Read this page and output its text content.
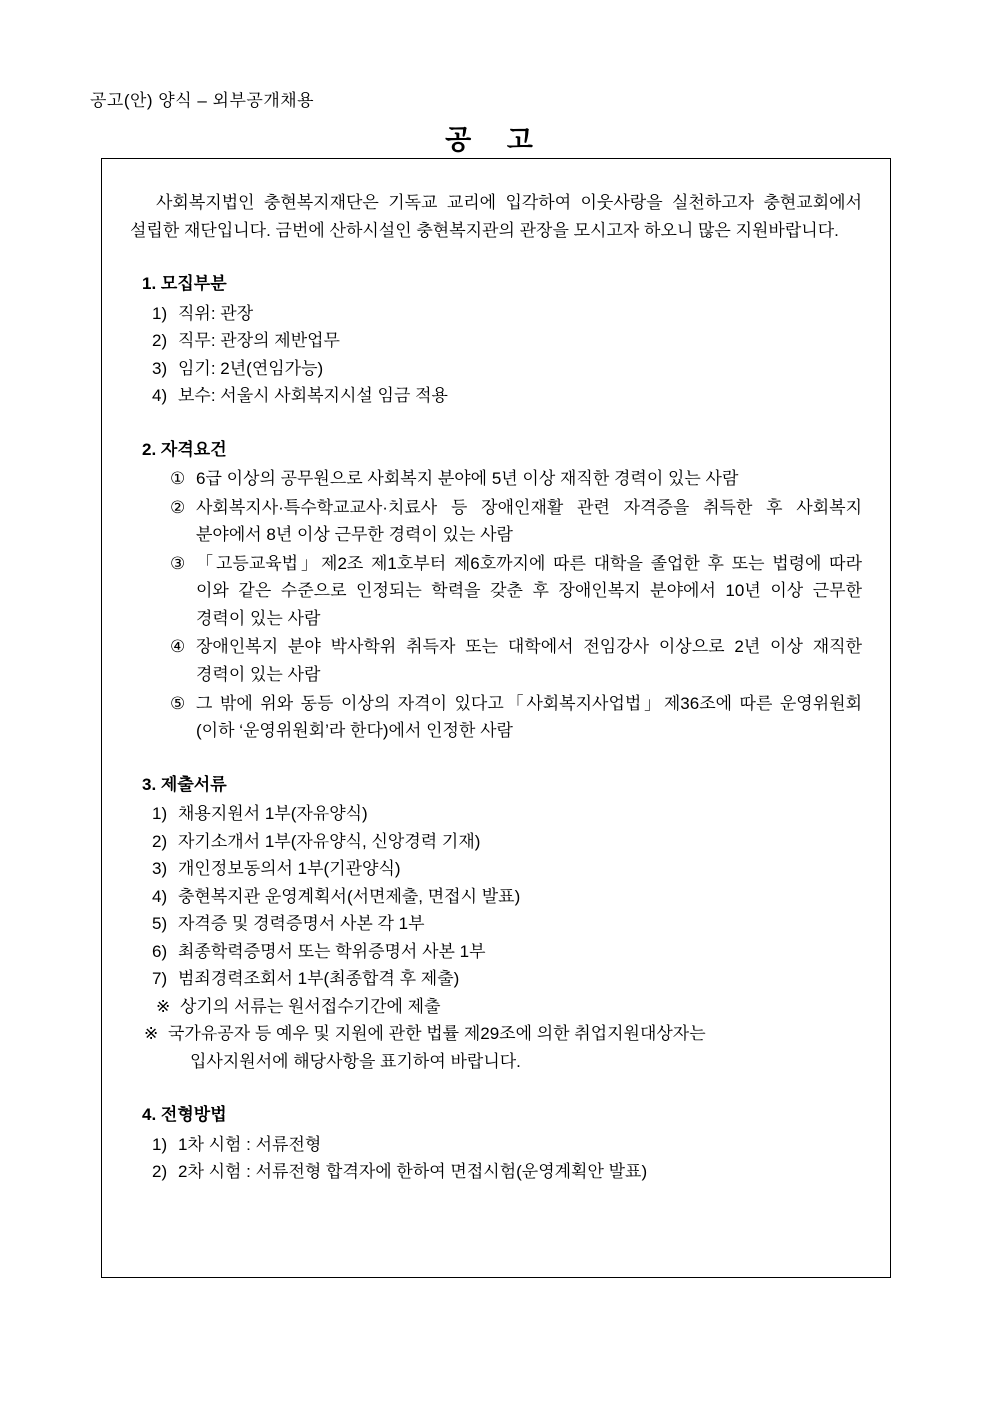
공고(안) 양식 – 외부공개채용
공 고

사회복지법인 충현복지재단은 기독교 교리에 입각하여 이웃사랑을 실천하고자 충현교회에서 설립한 재단입니다. 금번에 산하시설인 충현복지관의 관장을 모시고자 하오니 많은 지원바랍니다.

1. 모집부분
1) 직위: 관장
2) 직무: 관장의 제반업무
3) 임기: 2년(연임가능)
4) 보수: 서울시 사회복지시설 임금 적용
2. 자격요건
① 6급 이상의 공무원으로 사회복지 분야에 5년 이상 재직한 경력이 있는 사람
② 사회복지사·특수학교교사·치료사 등 장애인재활 관련 자격증을 취득한 후 사회복지 분야에서 8년 이상 근무한 경력이 있는 사람
③ 「고등교육법」제2조 제1호부터 제6호까지에 따른 대학을 졸업한 후 또는 법령에 따라 이와 같은 수준으로 인정되는 학력을 갖춘 후 장애인복지 분야에서 10년 이상 근무한 경력이 있는 사람
④ 장애인복지 분야 박사학위 취득자 또는 대학에서 전임강사 이상으로 2년 이상 재직한 경력이 있는 사람
⑤ 그 밖에 위와 동등 이상의 자격이 있다고「사회복지사업법」제36조에 따른 운영위원회(이하 ‘운영위원회’라 한다)에서 인정한 사람
3. 제출서류
1) 채용지원서 1부(자유양식)
2) 자기소개서 1부(자유양식, 신앙경력 기재)
3) 개인정보동의서 1부(기관양식)
4) 충현복지관 운영계획서(서면제출, 면접시 발표)
5) 자격증 및 경력증명서 사본 각 1부
6) 최종학력증명서 또는 학위증명서 사본 1부
7) 범죄경력조회서 1부(최종합격 후 제출)
※ 상기의 서류는 원서접수기간에 제출
※ 국가유공자 등 예우 및 지원에 관한 법률 제29조에 의한 취업지원대상자는
입사지원서에 해당사항을 표기하여 바랍니다.
4. 전형방법
1) 1차 시험 : 서류전형
2) 2차 시험 : 서류전형 합격자에 한하여 면접시험(운영계획안 발표)
